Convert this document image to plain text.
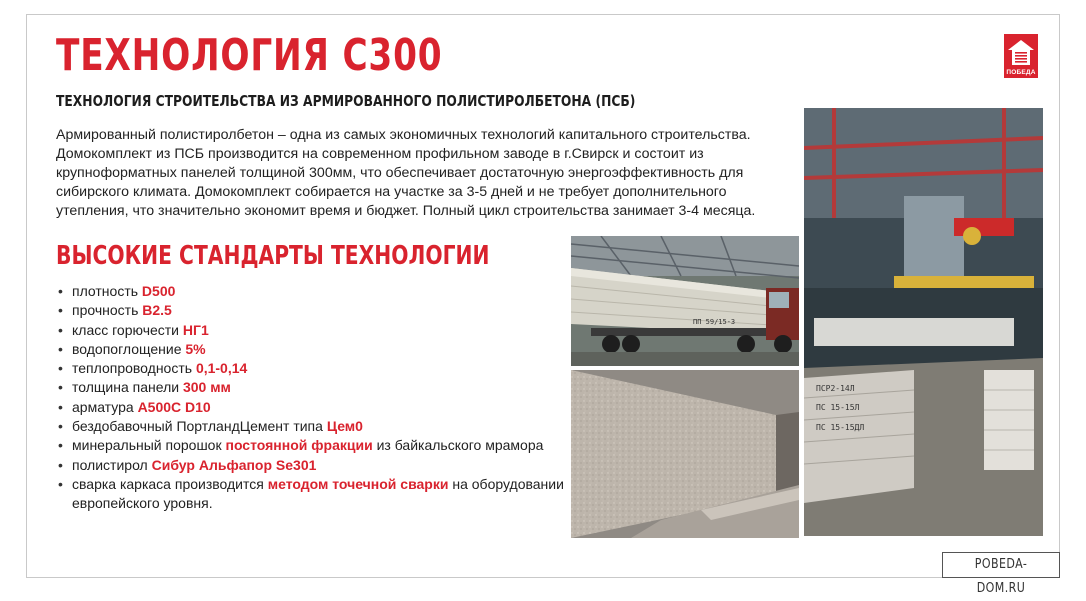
ТЕХНОЛОГИЯ С300
ТЕХНОЛОГИЯ СТРОИТЕЛЬСТВА ИЗ АРМИРОВАННОГО ПОЛИСТИРОЛБЕТОНА (ПСБ)
ПОБЕДА

Армированный полистиролбетон – одна из самых экономичных технологий капитального строительства. Домокомплект из ПСБ производится на современном профильном заводе в г.Свирск и состоит из крупноформатных панелей толщиной 300мм, что обеспечивает достаточную энергоэффективность для сибирского климата. Домокомплект собирается на участке за 3-5 дней и не требует дополнительного утепления, что значительно экономит время и бюджет. Полный цикл строительства занимает 3-4 месяца.

ВЫСОКИЕ СТАНДАРТЫ ТЕХНОЛОГИИ
• плотность D500
• прочность B2.5
• класс горючести НГ1
• водопоглощение 5%
• теплопроводность 0,1-0,14
• толщина панели 300 мм
• арматура А500С D10
• бездобавочный ПортландЦемент типа Цем0
• минеральный порошок постоянной фракции из байкальского мрамора
• полистирол Сибур Альфапор Se301
• сварка каркаса производится методом точечной сварки на оборудовании европейского уровня.
ПП 59/15-3
ПСР2-14Л
ПС 15-15Л
ПС 15-15ДЛ
POBEDA-DOM.RU
